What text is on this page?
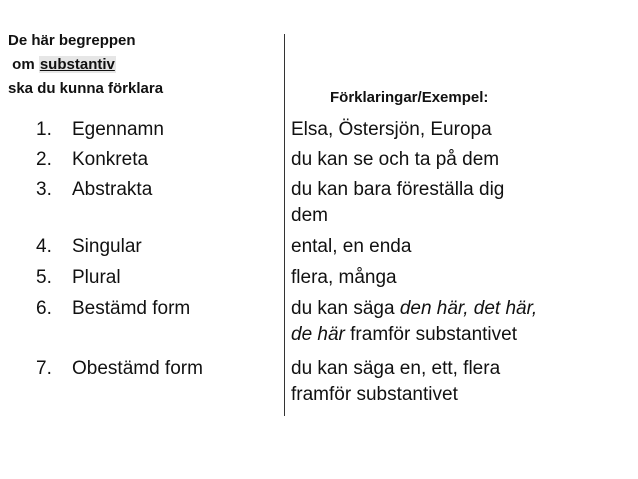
De här begreppen
om substantiv
ska du kunna förklara
Förklaringar/Exempel:
1. Egennamn	Elsa, Östersjön, Europa
2. Konkreta	du kan se och ta på dem
3. Abstrakta	du kan bara föreställa dig
dem
4. Singular	ental, en enda
5. Plural	flera, många
6. Bestämd form	du kan säga den här, det här,
de här framför substantivet
7. Obestämd form	du kan säga en, ett, flera
framför substantivet
